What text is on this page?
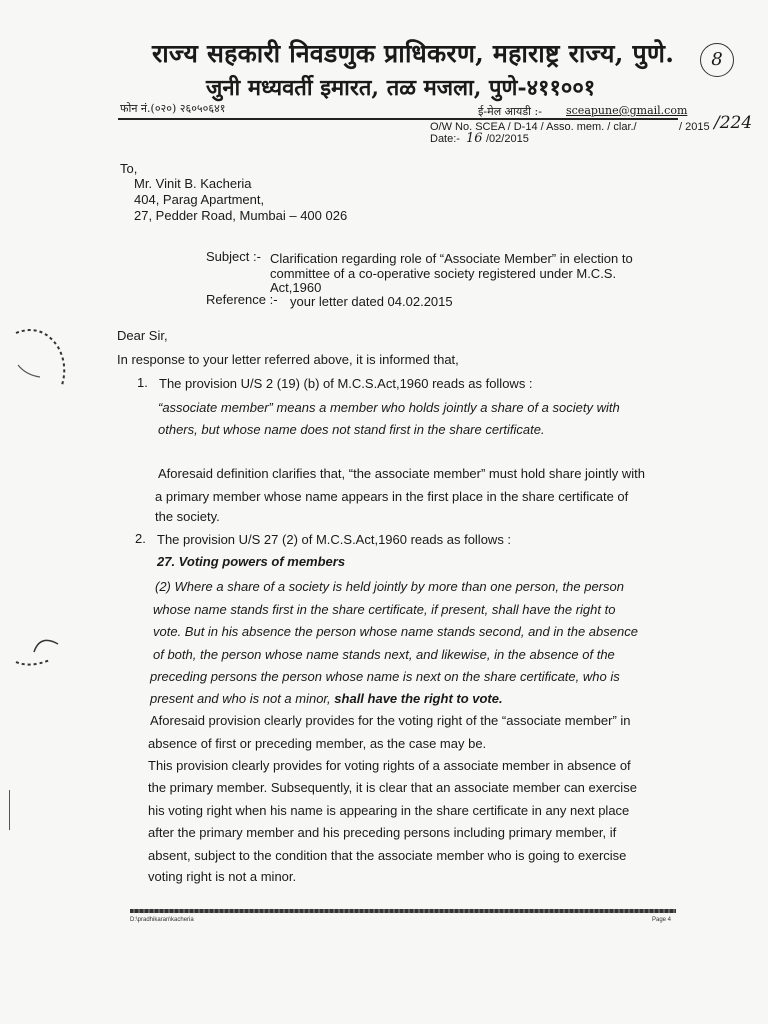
राज्य सहकारी निवडणुक प्राधिकरण, महाराष्ट्र राज्य, पुणे.	8
जुनी मध्यवर्ती इमारत, तळ मजला, पुणे-४११००१
फोन नं.(०२०) २६०५०६४१	ई-मेल आयडी :- sceapune@gmail.com
O/W No. SCEA / D-14 / Asso. mem. / clar./	/ 2015 /224
Date:- 16 /02/2015
To,
Mr. Vinit B. Kacheria
404, Parag Apartment,
27, Pedder Road, Mumbai – 400 026
Subject :- Clarification regarding role of “Associate Member” in election to
committee of a co-operative society registered under M.C.S.
Act,1960
Reference :- your letter dated 04.02.2015
Dear Sir,
In response to your letter referred above, it is informed that,
1. The provision U/S 2 (19) (b) of M.C.S.Act,1960 reads as follows :
“associate member” means a member who holds jointly a share of a society with
others, but whose name does not stand first in the share certificate.
Aforesaid definition clarifies that, “the associate member” must hold share jointly with
a primary member whose name appears in the first place in the share certificate of
the society.
2. The provision U/S 27 (2) of M.C.S.Act,1960 reads as follows :
27. Voting powers of members
(2) Where a share of a society is held jointly by more than one person, the person
whose name stands first in the share certificate, if present, shall have the right to
vote. But in his absence the person whose name stands second, and in the absence
of both, the person whose name stands next, and likewise, in the absence of the
preceding persons the person whose name is next on the share certificate, who is
present and who is not a minor, shall have the right to vote.
Aforesaid provision clearly provides for the voting right of the “associate member” in
absence of first or preceding member, as the case may be.
This provision clearly provides for voting rights of a associate member in absence of
the primary member. Subsequently, it is clear that an associate member can exercise
his voting right when his name is appearing in the share certificate in any next place
after the primary member and his preceding persons including primary member, if
absent, subject to the condition that the associate member who is going to exercise
voting right is not a minor.
D:\pradhikaran\kacheria	Page 4
